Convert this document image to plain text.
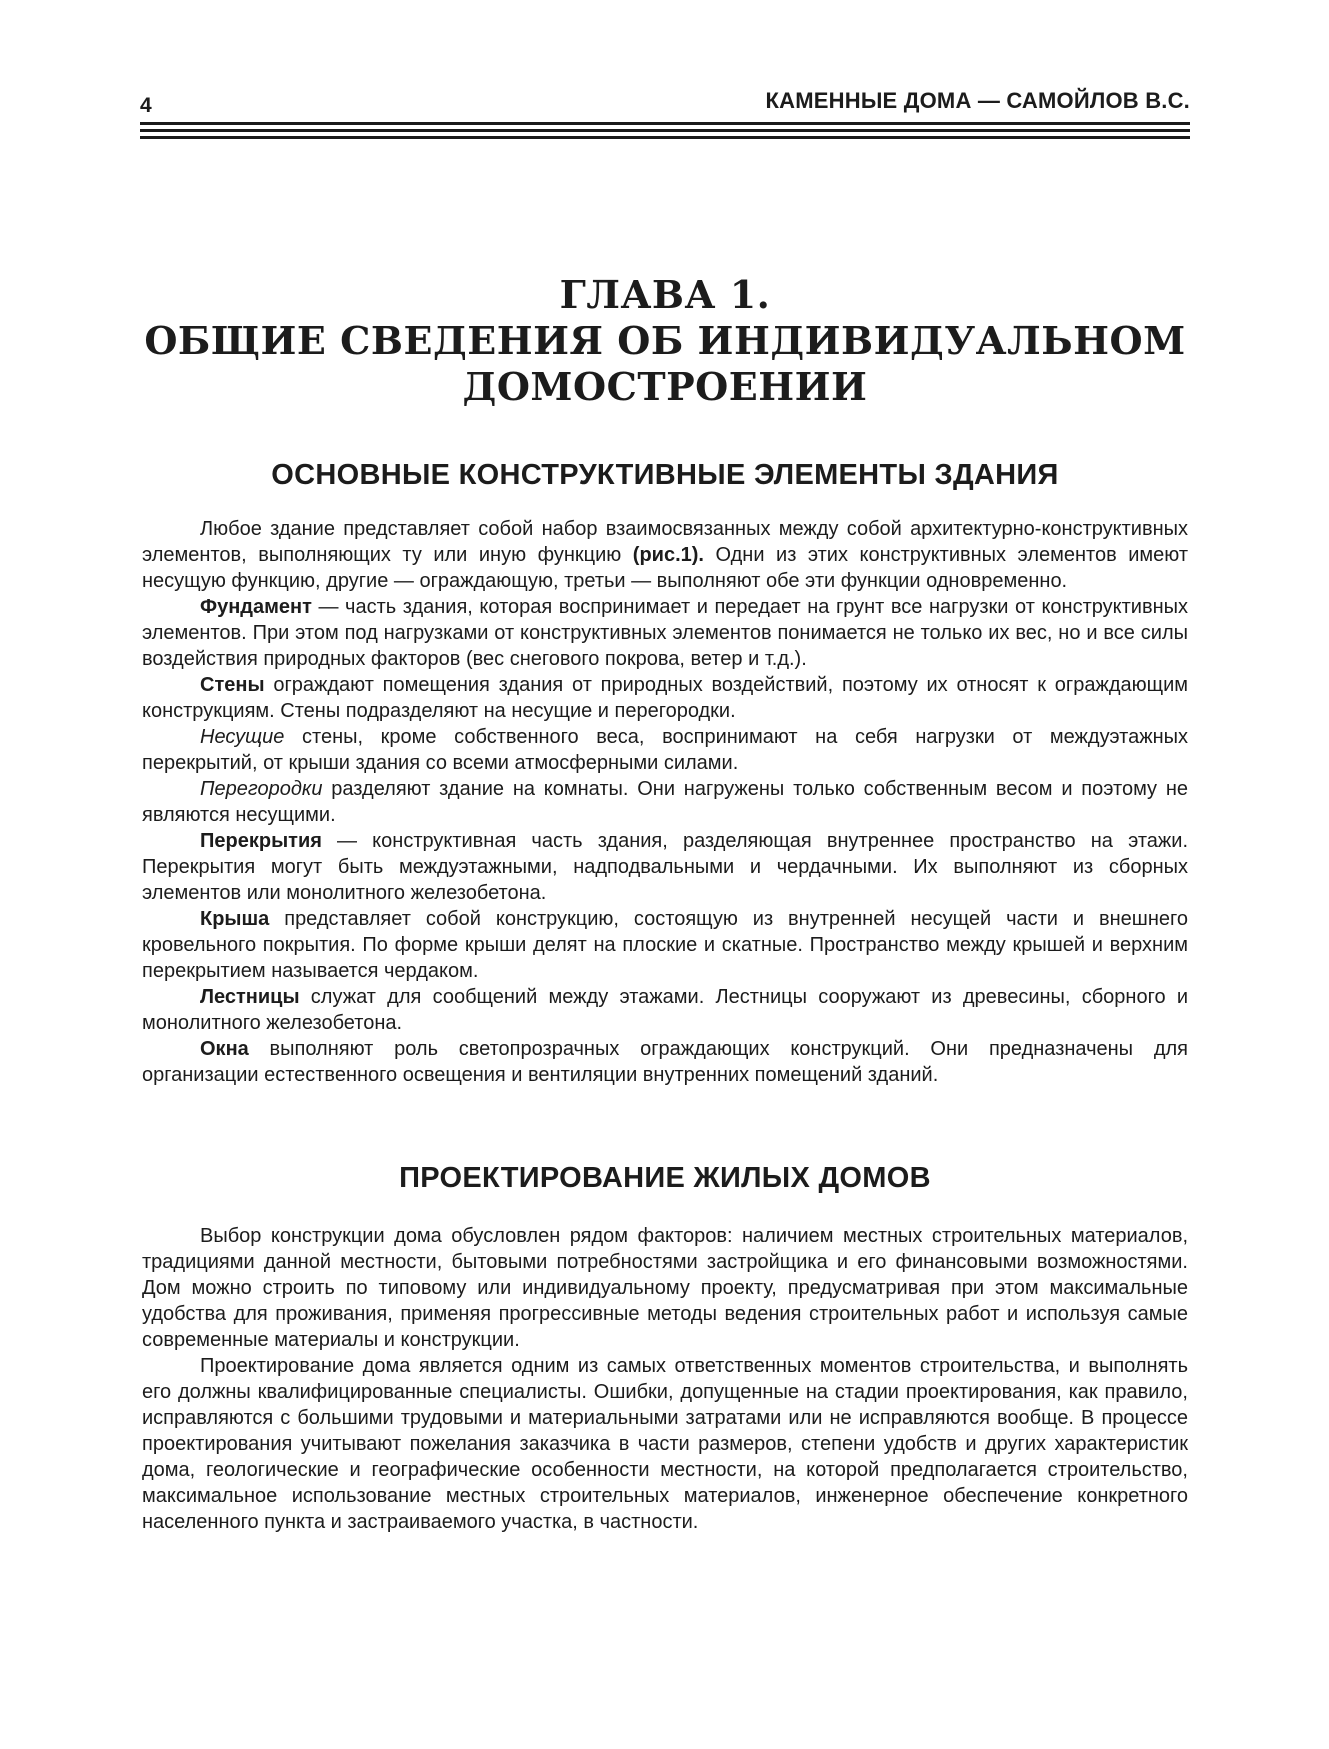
4	КАМЕННЫЕ ДОМА — САМОЙЛОВ В.С.
ГЛАВА 1.
ОБЩИЕ СВЕДЕНИЯ ОБ ИНДИВИДУАЛЬНОМ
ДОМОСТРОЕНИИ
ОСНОВНЫЕ КОНСТРУКТИВНЫЕ ЭЛЕМЕНТЫ ЗДАНИЯ

Любое здание представляет собой набор взаимосвязанных между собой архитектурно-конструктивных элементов, выполняющих ту или иную функцию (рис.1). Одни из этих конструктивных элементов имеют несущую функцию, другие — ограждающую, третьи — выполняют обе эти функции одновременно.

Фундамент — часть здания, которая воспринимает и передает на грунт все нагрузки от конструктивных элементов. При этом под нагрузками от конструктивных элементов понимается не только их вес, но и все силы воздействия природных факторов (вес снегового покрова, ветер и т.д.).

Стены ограждают помещения здания от природных воздействий, поэтому их относят к ограждающим конструкциям. Стены подразделяют на несущие и перегородки.

Несущие стены, кроме собственного веса, воспринимают на себя нагрузки от междуэтажных перекрытий, от крыши здания со всеми атмосферными силами.

Перегородки разделяют здание на комнаты. Они нагружены только собственным весом и поэтому не являются несущими.

Перекрытия — конструктивная часть здания, разделяющая внутреннее пространство на этажи. Перекрытия могут быть междуэтажными, надподвальными и чердачными. Их выполняют из сборных элементов или монолитного железобетона.

Крыша представляет собой конструкцию, состоящую из внутренней несущей части и внешнего кровельного покрытия. По форме крыши делят на плоские и скатные. Пространство между крышей и верхним перекрытием называется чердаком.

Лестницы служат для сообщений между этажами. Лестницы сооружают из древесины, сборного и монолитного железобетона.

Окна выполняют роль светопрозрачных ограждающих конструкций. Они предназначены для организации естественного освещения и вентиляции внутренних помещений зданий.

ПРОЕКТИРОВАНИЕ ЖИЛЫХ ДОМОВ

Выбор конструкции дома обусловлен рядом факторов: наличием местных строительных материалов, традициями данной местности, бытовыми потребностями застройщика и его финансовыми возможностями. Дом можно строить по типовому или индивидуальному проекту, предусматривая при этом максимальные удобства для проживания, применяя прогрессивные методы ведения строительных работ и используя самые современные материалы и конструкции.

Проектирование дома является одним из самых ответственных моментов строительства, и выполнять его должны квалифицированные специалисты. Ошибки, допущенные на стадии проектирования, как правило, исправляются с большими трудовыми и материальными затратами или не исправляются вообще. В процессе проектирования учитывают пожелания заказчика в части размеров, степени удобств и других характеристик дома, геологические и географические особенности местности, на которой предполагается строительство, максимальное использование местных строительных материалов, инженерное обеспечение конкретного населенного пункта и застраиваемого участка, в частности.
